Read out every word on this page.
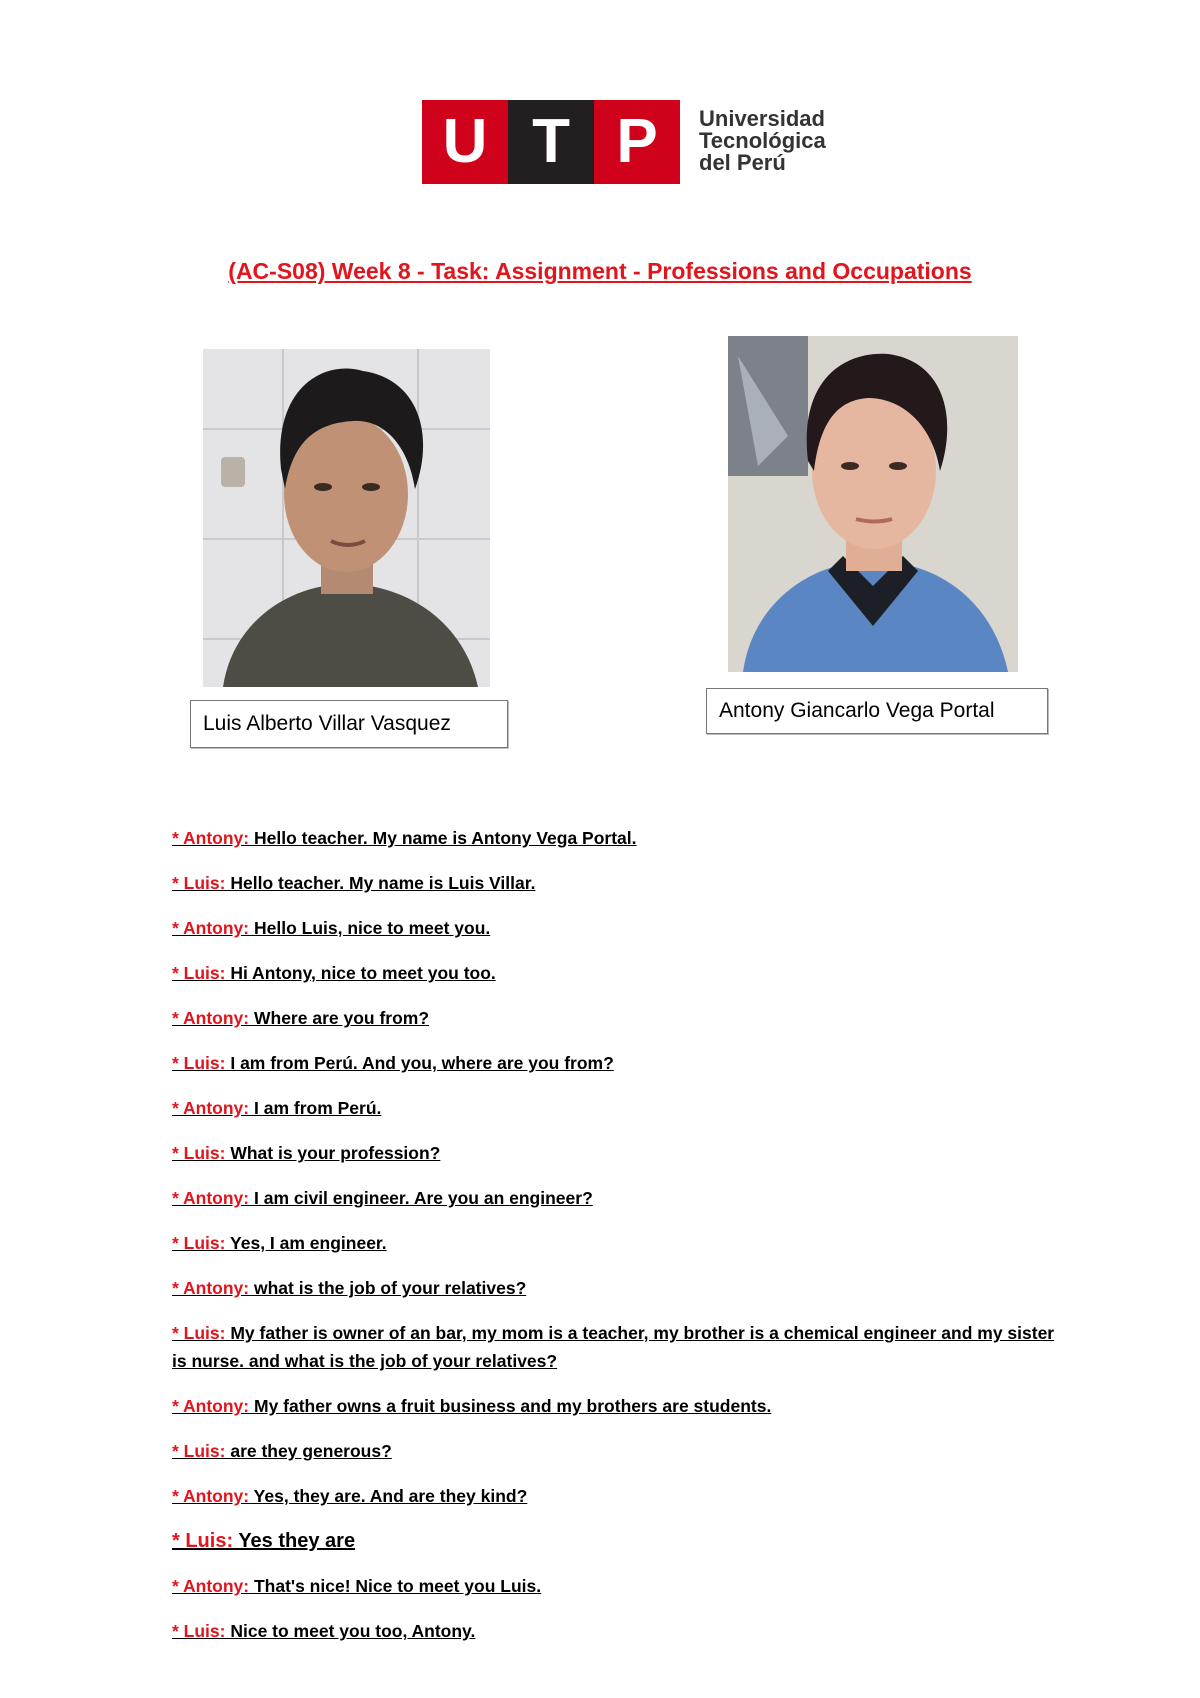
U T P	Universidad
Tecnológica
del Perú
(AC-S08) Week 8 - Task: Assignment - Professions and Occupations
Luis Alberto Villar Vasquez
Antony Giancarlo Vega Portal
* Antony: Hello teacher. My name is Antony Vega Portal.
* Luis: Hello teacher. My name is Luis Villar.
* Antony: Hello Luis, nice to meet you.
* Luis: Hi Antony, nice to meet you too.
* Antony: Where are you from?
* Luis: I am from Perú. And you, where are you from?
* Antony: I am from Perú.
* Luis: What is your profession?
* Antony: I am civil engineer. Are you an engineer?
* Luis: Yes, I am engineer.
* Antony: what is the job of your relatives?
* Luis: My father is owner of an bar, my mom is a teacher, my brother is a chemical engineer and my sister is nurse. and what is the job of your relatives?
* Antony: My father owns a fruit business and my brothers are students.
* Luis: are they generous?
* Antony: Yes, they are. And are they kind?
* Luis: Yes they are
* Antony: That's nice! Nice to meet you Luis.
* Luis: Nice to meet you too, Antony.
